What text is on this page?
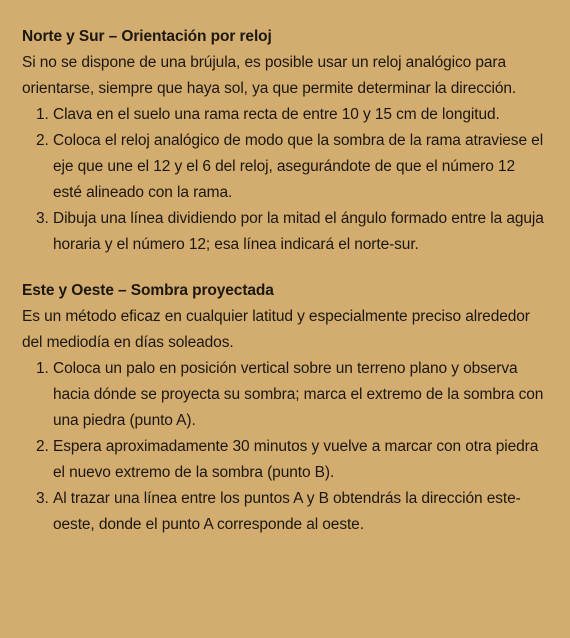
Norte y Sur – Orientación por reloj

Si no se dispone de una brújula, es posible usar un reloj analógico para orientarse, siempre que haya sol, ya que permite determinar la dirección.

1. Clava en el suelo una rama recta de entre 10 y 15 cm de longitud.
2. Coloca el reloj analógico de modo que la sombra de la rama atraviese el eje que une el 12 y el 6 del reloj, asegurándote de que el número 12 esté alineado con la rama.
3. Dibuja una línea dividiendo por la mitad el ángulo formado entre la aguja horaria y el número 12; esa línea indicará el norte-sur.
Este y Oeste – Sombra proyectada

Es un método eficaz en cualquier latitud y especialmente preciso alrededor del mediodía en días soleados.

1. Coloca un palo en posición vertical sobre un terreno plano y observa hacia dónde se proyecta su sombra; marca el extremo de la sombra con una piedra (punto A).
2. Espera aproximadamente 30 minutos y vuelve a marcar con otra piedra el nuevo extremo de la sombra (punto B).
3. Al trazar una línea entre los puntos A y B obtendrás la dirección este-oeste, donde el punto A corresponde al oeste.
